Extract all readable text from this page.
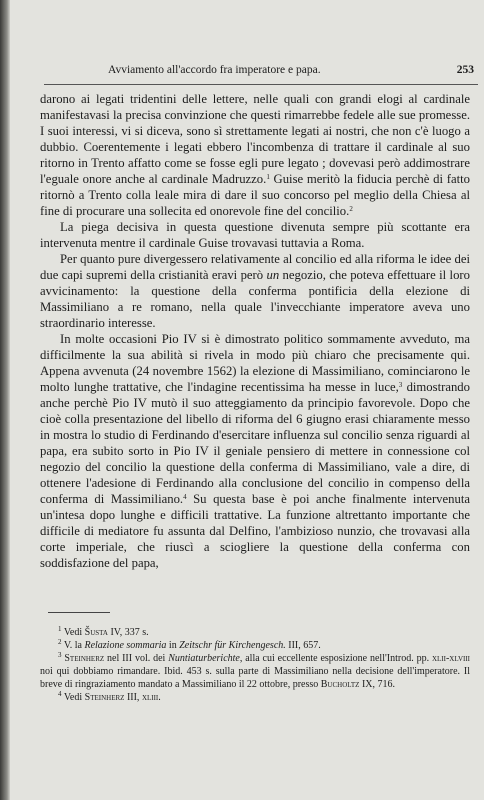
Avviamento all'accordo fra imperatore e papa.	253

darono ai legati tridentini delle lettere, nelle quali con grandi elogi al cardinale manifestavasi la precisa convinzione che questi rimarrebbe fedele alle sue promesse. I suoi interessi, vi si diceva, sono sì strettamente legati ai nostri, che non c'è luogo a dubbio. Coerentemente i legati ebbero l'incombenza di trattare il cardinale al suo ritorno in Trento affatto come se fosse egli pure legato ; dovevasi però addimostrare l'eguale onore anche al cardinale Madruzzo.$^1$ Guise meritò la fiducia perchè di fatto ritornò a Trento colla leale mira di dare il suo concorso pel meglio della Chiesa al fine di procurare una sollecita ed onorevole fine del concilio.$^2$

La piega decisiva in questa questione divenuta sempre più scottante era intervenuta mentre il cardinale Guise trovavasi tuttavia a Roma.

Per quanto pure divergessero relativamente al concilio ed alla riforma le idee dei due capi supremi della cristianità eravi però un negozio, che poteva effettuare il loro avvicinamento: la questione della conferma pontificia della elezione di Massimiliano a re romano, nella quale l'invecchiante imperatore aveva uno straordinario interesse.

In molte occasioni Pio IV si è dimostrato politico sommamente avveduto, ma difficilmente la sua abilità si rivela in modo più chiaro che precisamente qui. Appena avvenuta (24 novembre 1562) la elezione di Massimiliano, cominciarono le molto lunghe trattative, che l'indagine recentissima ha messe in luce,$^3$ dimostrando anche perchè Pio IV mutò il suo atteggiamento da principio favorevole. Dopo che cioè colla presentazione del libello di riforma del 6 giugno erasi chiaramente messo in mostra lo studio di Ferdinando d'esercitare influenza sul concilio senza riguardi al papa, era subito sorto in Pio IV il geniale pensiero di mettere in connessione col negozio del concilio la questione della conferma di Massimiliano, vale a dire, di ottenere l'adesione di Ferdinando alla conclusione del concilio in compenso della conferma di Massimiliano.$^4$ Su questa base è poi anche finalmente intervenuta un'intesa dopo lunghe e difficili trattative. La funzione altrettanto importante che difficile di mediatore fu assunta dal Delfino, l'ambizioso nunzio, che trovavasi alla corte imperiale, che riuscì a sciogliere la questione della conferma con soddisfazione del papa,

$^1$ Vedi Šusta IV, 337 s.

$^2$ V. la Relazione sommaria in Zeitschr für Kirchengesch. III, 657.

$^3$ Steinherz nel III vol. dei Nuntiaturberichte, alla cui eccellente esposizione nell'Introd. pp. xlii-xlviii noi qui dobbiamo rimandare. Ibid. 453 s. sulla parte di Massimiliano nella decisione dell'imperatore. Il breve di ringraziamento mandato a Massimiliano il 22 ottobre, presso Bucholtz IX, 716.

$^4$ Vedi Steinherz III, xliii.
